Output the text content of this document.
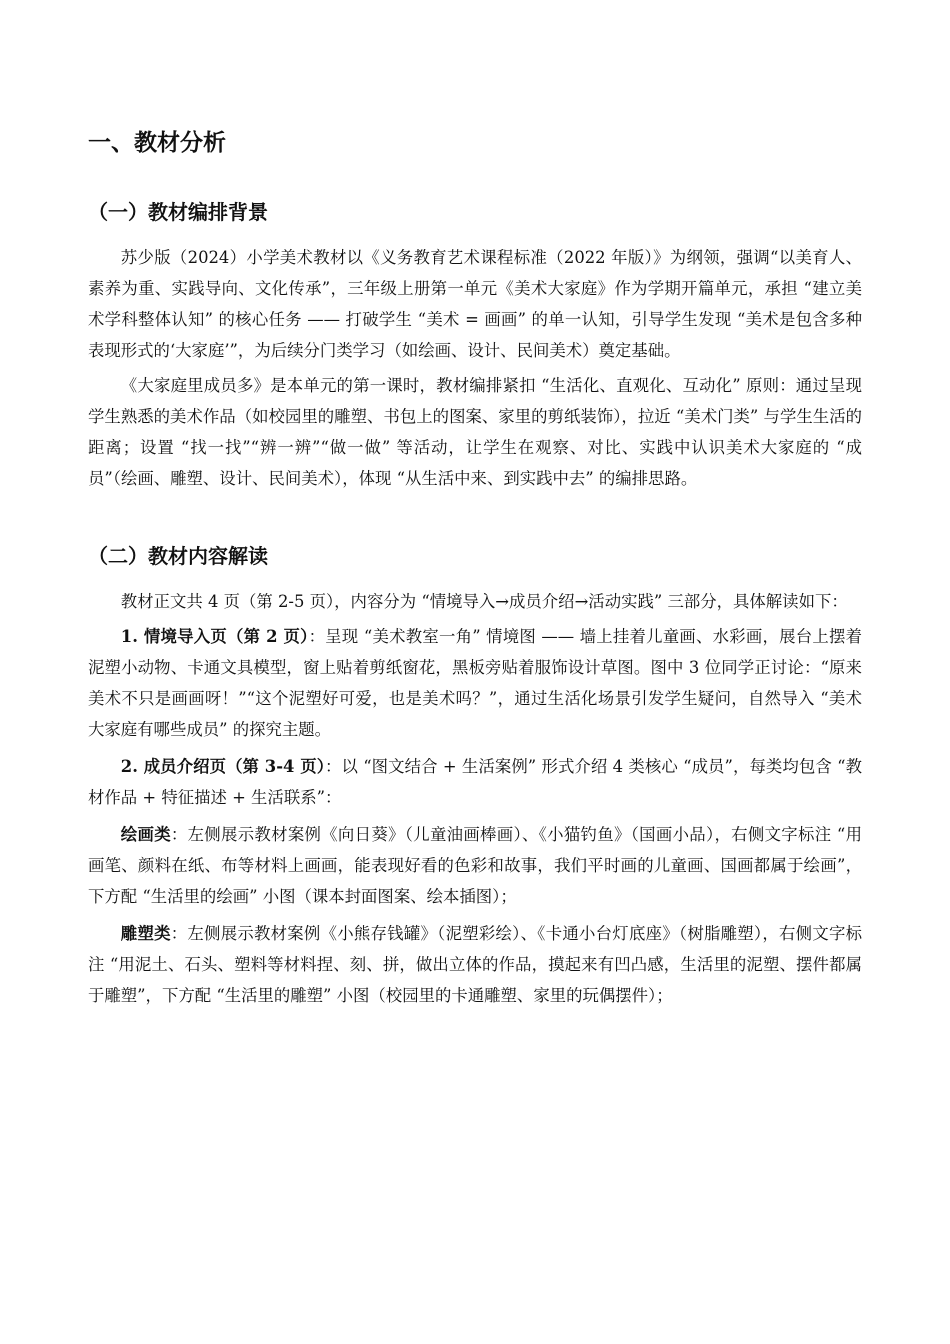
一、教材分析
（一）教材编排背景

苏少版（2024）小学美术教材以《义务教育艺术课程标准（2022 年版）》为纲领，强调“以美育人、素养为重、实践导向、文化传承”，三年级上册第一单元《美术大家庭》作为学期开篇单元，承担 “建立美术学科整体认知” 的核心任务 —— 打破学生 “美术 = 画画” 的单一认知，引导学生发现 “美术是包含多种表现形式的‘大家庭’”，为后续分门类学习（如绘画、设计、民间美术）奠定基础。

《大家庭里成员多》是本单元的第一课时，教材编排紧扣 “生活化、直观化、互动化” 原则：通过呈现学生熟悉的美术作品（如校园里的雕塑、书包上的图案、家里的剪纸装饰），拉近 “美术门类” 与学生生活的距离；设置 “找一找”“辨一辨”“做一做” 等活动，让学生在观察、对比、实践中认识美术大家庭的 “成员”（绘画、雕塑、设计、民间美术），体现 “从生活中来、到实践中去” 的编排思路。

（二）教材内容解读

教材正文共 4 页（第 2-5 页），内容分为 “情境导入→成员介绍→活动实践” 三部分，具体解读如下：

1. 情境导入页（第 2 页）：呈现 “美术教室一角” 情境图 —— 墙上挂着儿童画、水彩画，展台上摆着泥塑小动物、卡通文具模型，窗上贴着剪纸窗花，黑板旁贴着服饰设计草图。图中 3 位同学正讨论：“原来美术不只是画画呀！”“这个泥塑好可爱，也是美术吗？”，通过生活化场景引发学生疑问，自然导入 “美术大家庭有哪些成员” 的探究主题。

2. 成员介绍页（第 3-4 页）：以 “图文结合 + 生活案例” 形式介绍 4 类核心 “成员”，每类均包含 “教材作品 + 特征描述 + 生活联系”：

绘画类：左侧展示教材案例《向日葵》（儿童油画棒画）、《小猫钓鱼》（国画小品），右侧文字标注 “用画笔、颜料在纸、布等材料上画画，能表现好看的色彩和故事，我们平时画的儿童画、国画都属于绘画”，下方配 “生活里的绘画” 小图（课本封面图案、绘本插图）；

雕塑类：左侧展示教材案例《小熊存钱罐》（泥塑彩绘）、《卡通小台灯底座》（树脂雕塑），右侧文字标注 “用泥土、石头、塑料等材料捏、刻、拼，做出立体的作品，摸起来有凹凸感，生活里的泥塑、摆件都属于雕塑”，下方配 “生活里的雕塑” 小图（校园里的卡通雕塑、家里的玩偶摆件）；
